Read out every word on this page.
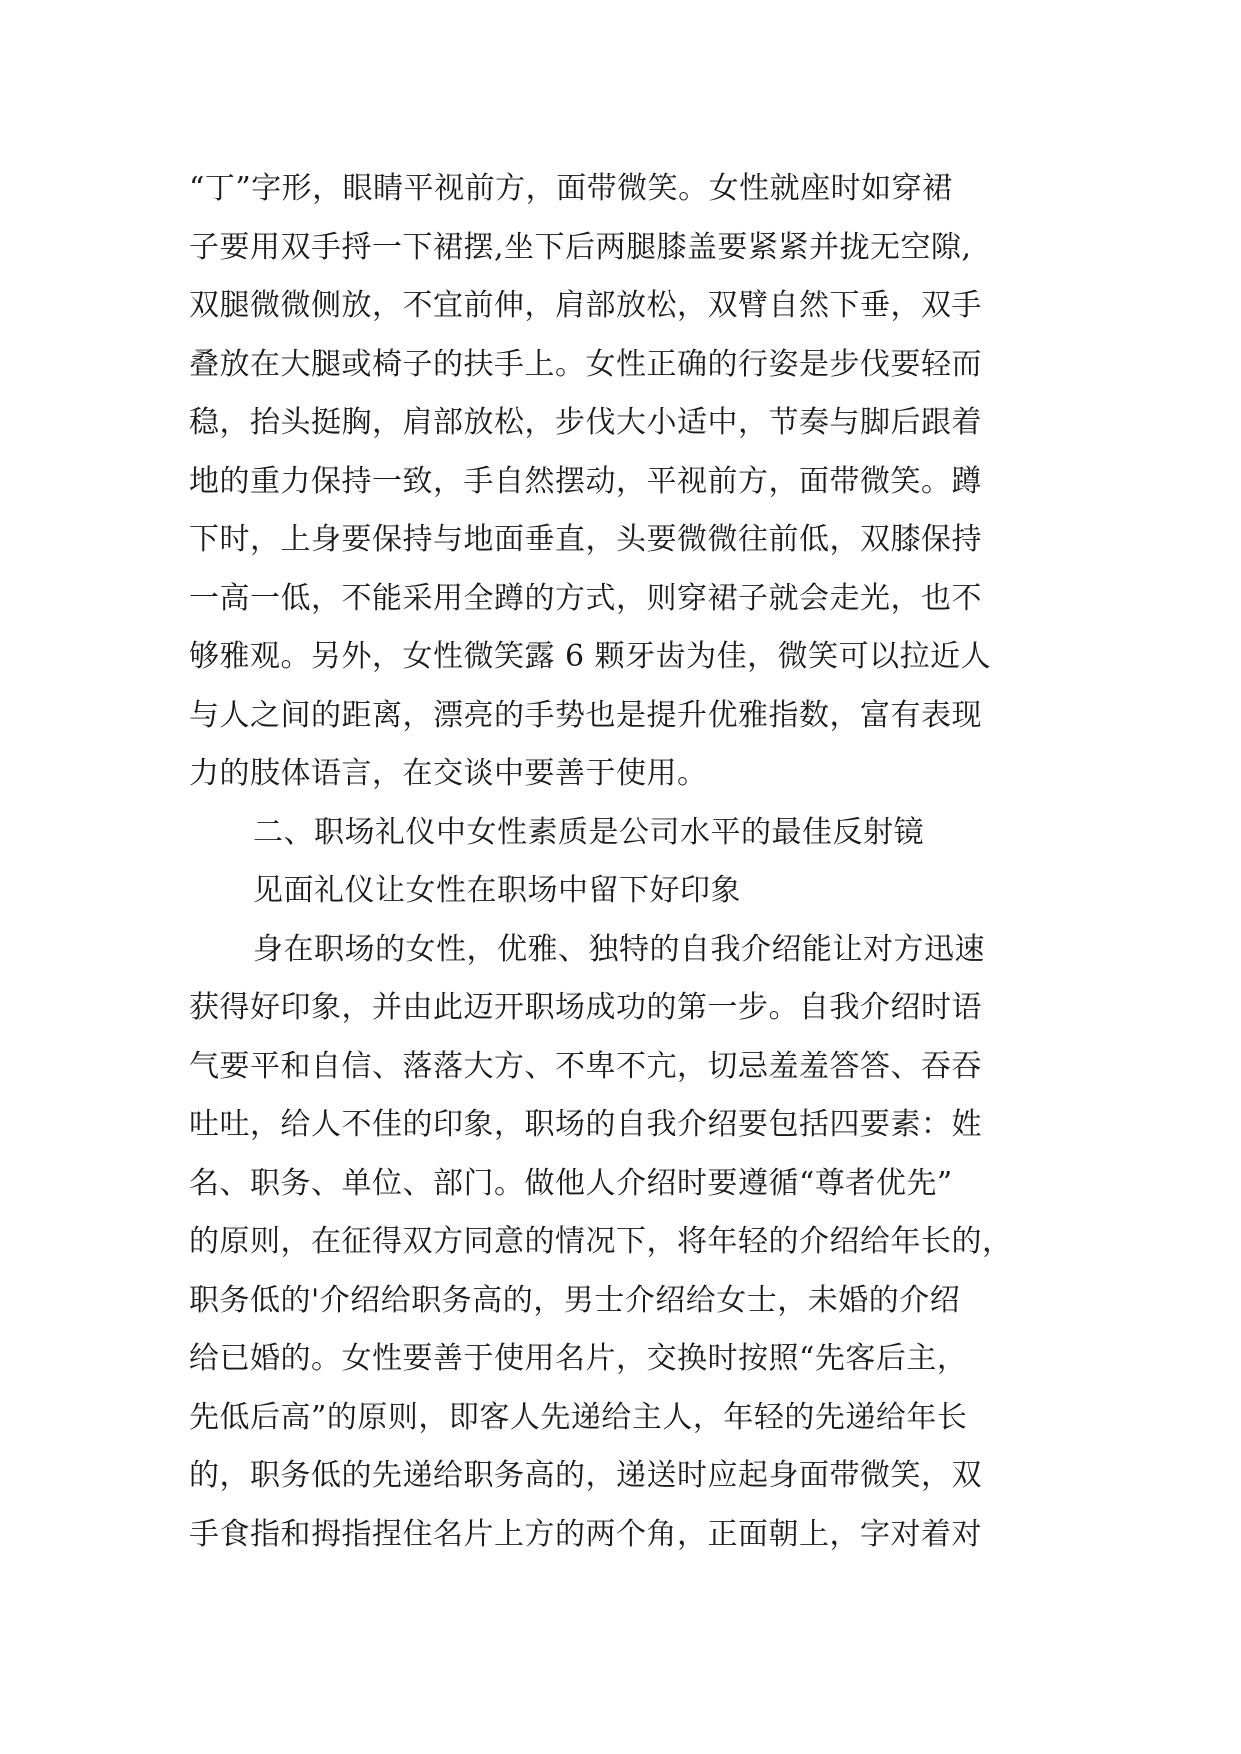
“丁”字形，眼睛平视前方，面带微笑。女性就座时如穿裙
子要用双手捋一下裙摆,坐下后两腿膝盖要紧紧并拢无空隙,
双腿微微侧放，不宜前伸，肩部放松，双臂自然下垂，双手
叠放在大腿或椅子的扶手上。女性正确的行姿是步伐要轻而
稳，抬头挺胸，肩部放松，步伐大小适中，节奏与脚后跟着
地的重力保持一致，手自然摆动，平视前方，面带微笑。蹲
下时，上身要保持与地面垂直，头要微微往前低，双膝保持
一高一低，不能采用全蹲的方式，则穿裙子就会走光，也不
够雅观。另外，女性微笑露 6 颗牙齿为佳，微笑可以拉近人
与人之间的距离，漂亮的手势也是提升优雅指数，富有表现
力的肢体语言，在交谈中要善于使用。
二、职场礼仪中女性素质是公司水平的最佳反射镜
见面礼仪让女性在职场中留下好印象
身在职场的女性，优雅、独特的自我介绍能让对方迅速
获得好印象，并由此迈开职场成功的第一步。自我介绍时语
气要平和自信、落落大方、不卑不亢，切忌羞羞答答、吞吞
吐吐，给人不佳的印象，职场的自我介绍要包括四要素：姓
名、职务、单位、部门。做他人介绍时要遵循“尊者优先”
的原则，在征得双方同意的情况下，将年轻的介绍给年长的，
职务低的'介绍给职务高的，男士介绍给女士，未婚的介绍
给已婚的。女性要善于使用名片，交换时按照“先客后主，
先低后高”的原则，即客人先递给主人，年轻的先递给年长
的，职务低的先递给职务高的，递送时应起身面带微笑，双
手食指和拇指捏住名片上方的两个角，正面朝上，字对着对
